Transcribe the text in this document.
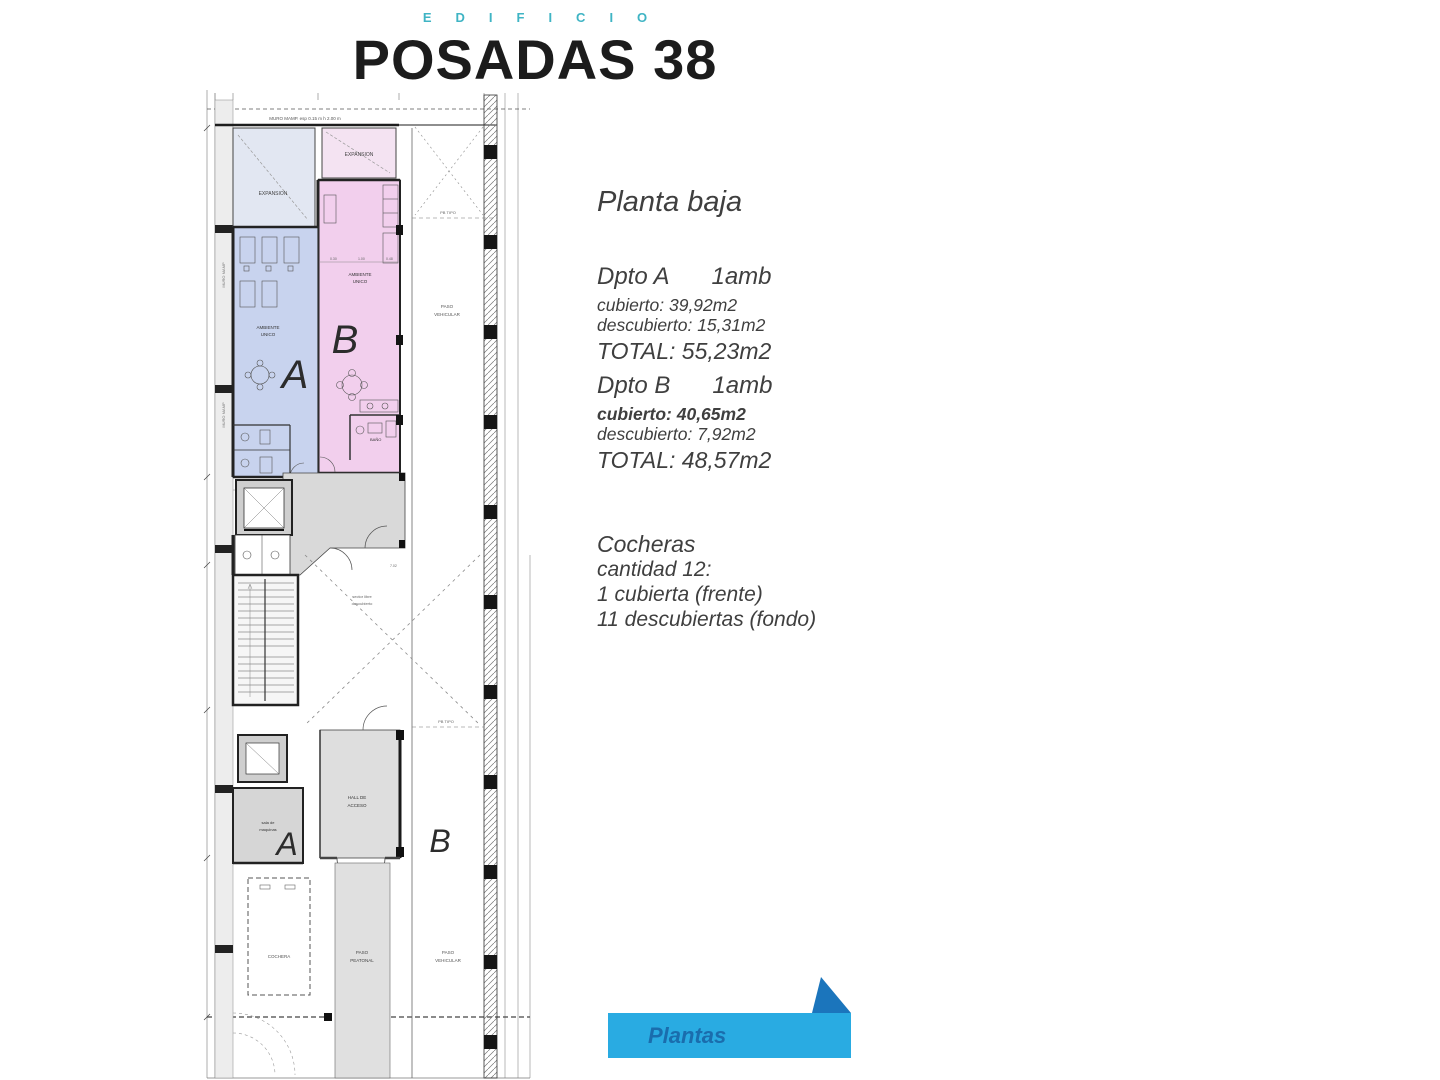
EDIFICIO
POSADAS 38
MURO MAMP. esp 0.15 m h 2.00 m
MURO MAMP
MURO MAMP
EXPANSION
EXPANSION
0.30	1.00	0.48
AMBIENTE
UNICO
BAÑO
B
AMBIENTE
UNICO
A
sector libre
descubierto
7.02
PB TIPO
PB TIPO
HALL DE
ACCESO
sala de
maquinas A	B
COCHERA
PASO
PEATONAL
PASO
VEHICULAR
PASO
VEHICULAR
Planta baja
Dpto A 1amb
cubierto: 39,92m2
descubierto: 15,31m2
TOTAL: 55,23m2
Dpto B 1amb
cubierto: 40,65m2
descubierto: 7,92m2
TOTAL: 48,57m2
Cocheras
cantidad 12:
1 cubierta (frente)
11 descubiertas (fondo)
Plantas
